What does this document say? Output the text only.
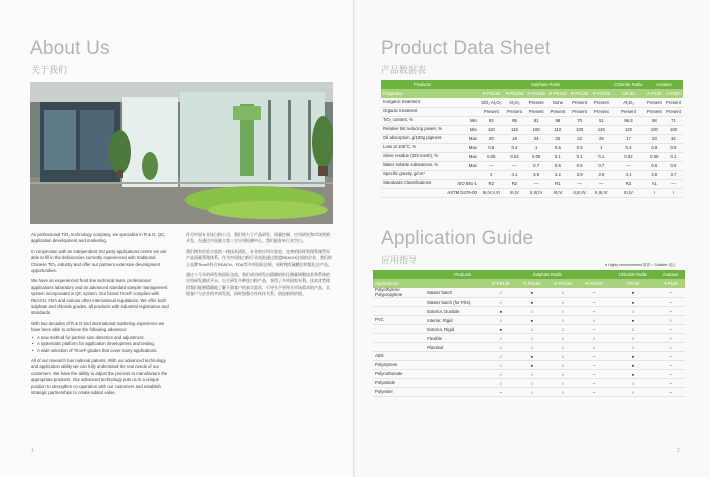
About Us
关于我们

As professional TiO₂ technology company, we specialize in R & D, QC, application development and marketing.

In conjunction with an independent 3rd party applications centre we are able to fill in the deficiencies currently experienced with traditional Chinese TiO₂ industry and offer our partners extensive development opportunities.

We have an experienced front line technical team, professional applications laboratory and an advanced standard sample management system incorporated in QC system. Our brand Tirox® complies with REACH, FDA and various other international regulations. We offer both sulphate and chloride grades, all products with industrial registration and standards.

With two decades of R & D and international marketing experience we have been able to achieve the following advances:

• A new method for particle size detection and adjustment.
• A systematic platform for application development and testing.
• A wide selection of Tirox® grades that cover many applications.

All of our research has national patents. With our advanced technology and application ability we can fully understand the real needs of our customers. We have the ability to adjust the process to manufacture the appropriate products. Our advanced technology puts us in a unique position to strengthen co-operation with our customers and establish strategic partnerships to create added value.

作为中国专业钛白粉公司，我们致力于产品研发、质量控制、应用研究和市场营销开发。在通过中国独立第三方应用检测中心，我们能弥补行业空白。

我们拥有经验丰富的一线技术团队、专业的应用实验室，完善的标样管理系统贯穿产品质量管理体系。作为中国钛白粉行业首批通过欧盟REACH注册的企业，我们的主品牌Tirox®符合REACH、FDA等多项国际法规，同时拥有硫酸法和氯化法产品。

通过十几年的研发和国际交流，我们成功研发出精确的粒径测量调整技术和系统的应用研发测试平台，自主研发多种钛白粉产品，获得了多项国家专利。技术优势使得我们能够精确地了解下游客户的真实需求，引导生产更符合市场需求的产品，实现客户与企业的共同发展，同时加强合作伙伴关系，创造新的价值。

1
Product Data Sheet
产品数据表
Products		Sulphate Rutile						Chloride Rutile	Anatase	
Properties		R-PS136	R-PS156	R-PS158	R-PS100	R-PS136	R-PS100	CR-83	A-P100	A-P300
Inorganic treatment		SiO₂ Al₂O₃	Al₂O₃	Present	None	Present	Present	Al₂O₃	Present	Present
Organic treatment		Present	Present	Present	Present	Present	Present	Present	Present	Present
TiO₂ content, %	Min	92	95	81	98	70	51	96.5	98	71
Relative tint reducing power, %	Min	110	115	100	110	100	120	120	100	100
Oil absorption, g/100g pigment	Max	20	18	24	20	22	25	17	23	32
Loss at 105°C, %	Max	0.5	0.4	1	0.5	0.5	1	0.4	0.8	0.8
Sieve residue (325 mesh), %	Max	0.05	0.03	0.05	0.1	0.1	0.1	0.02	0.05	0.1
Water soluble substances, %	Max	—	—	0.7	0.6	0.6	0.7	—	0.5	0.6
Specific gravity, g/cm³		4	4.1	3.9	4.2	3.9	3.9	4.1	3.8	3.7
Standards Classifications	ISO 591-1	R2	R2	—	R1	—	—	R2	A1	—
	ASTM D476-00	III,IV,V,VI	III,IV	II,III,IV	III,IV	II,III,IV	II,III,IV	III,IV	I	I
Application Guide
应用指导	● Highly recommended 推荐 ○ Suitable 适合
Products		Sulphate Rutile				Chloride Rutile	Anatase
Applications		R-PS136	R-PS156	R-PS158	R-PS100	CR-83	A-P100
Polyethylene Polypropylene	Master batch	○	●	○	–	●	–
	Master batch (for Film)	○	●	○	–	●	–
	Exterior, Durable	●	○	○	–	○	–
PVC	Interior, Rigid	○	●	○	○	●	○
	Exterior, Rigid	●	○	○	–	○	–
	Flexible	○	○	○	○	○	○
	Plastisol	○	○	○	○	○	○
ABS		○	●	○	–	●	–
Polystyrene		○	●	○	–	●	–
Polycarbonate		○	○	○	–	●	–
Polyamide		○	○	○	–	○	–
Polyester		–	○	○	–	○	–
2
